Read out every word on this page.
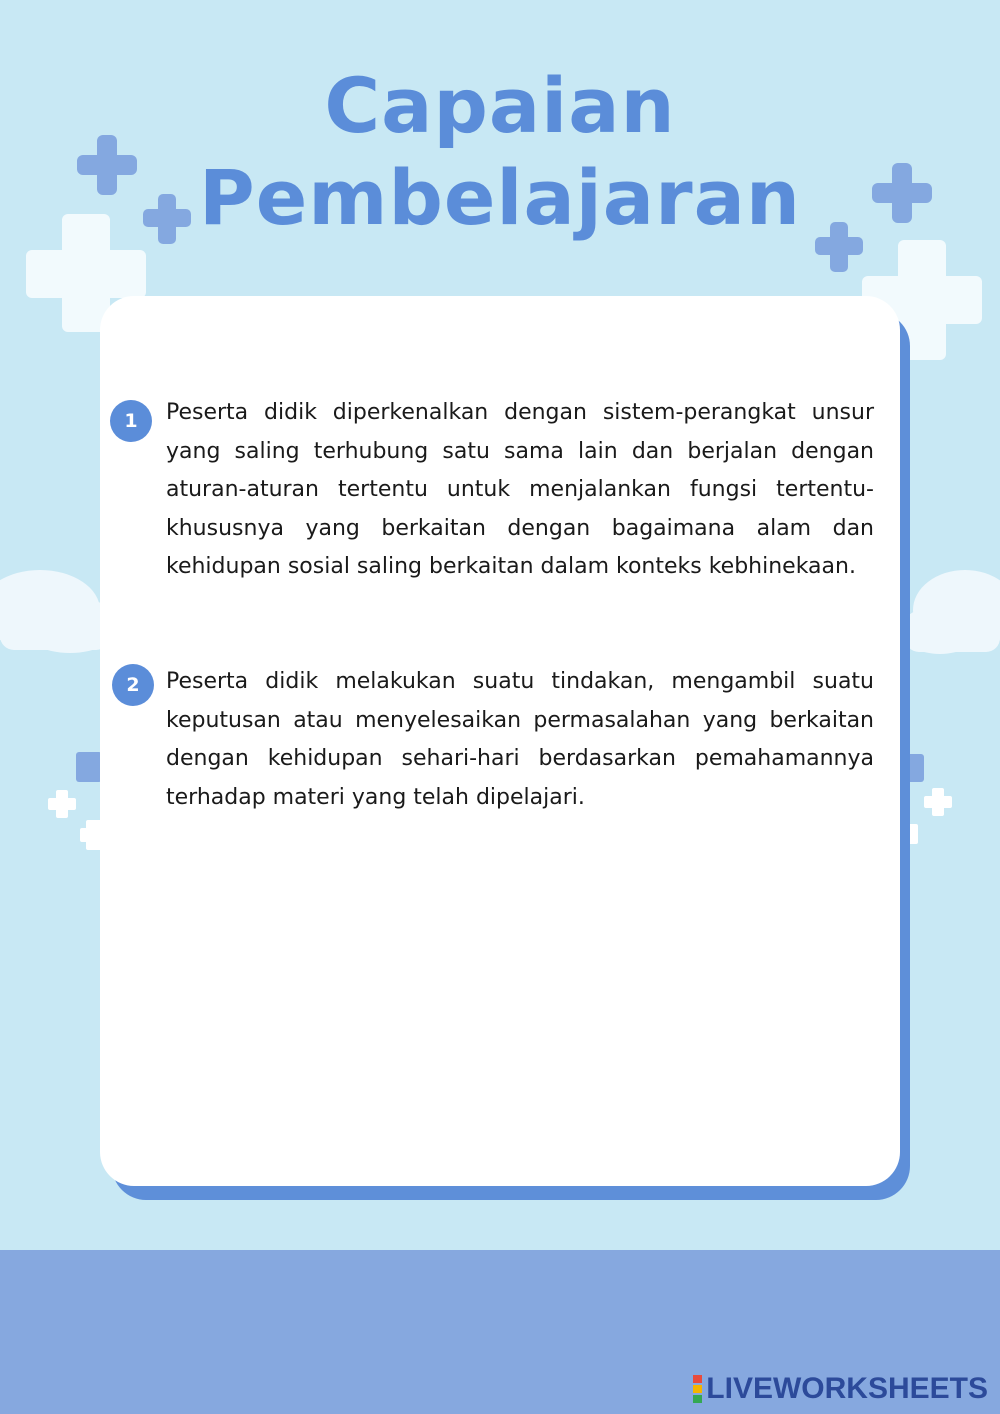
Capaian
Pembelajaran
1	Peserta didik diperkenalkan dengan sistem-perangkat unsur yang saling terhubung satu sama lain dan berjalan dengan aturan-aturan tertentu untuk menjalankan fungsi tertentu-khususnya yang berkaitan dengan bagaimana alam dan kehidupan sosial saling berkaitan dalam konteks kebhinekaan.

2	Peserta didik melakukan suatu tindakan, mengambil suatu keputusan atau menyelesaikan permasalahan yang berkaitan dengan kehidupan sehari-hari berdasarkan pemahamannya terhadap materi yang telah dipelajari.

LIVEWORKSHEETS
